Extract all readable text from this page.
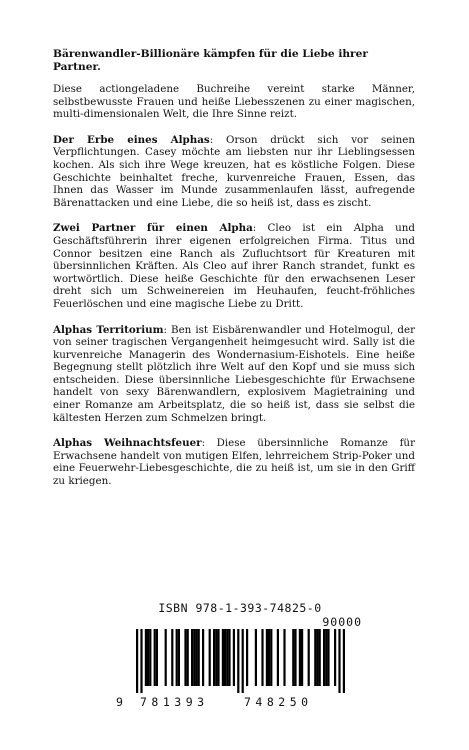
Bärenwandler-Billionäre kämpfen für die Liebe ihrer Partner.

Diese actiongeladene Buchreihe vereint starke Männer, selbstbewusste Frauen und heiße Liebesszenen zu einer magischen, multi-dimensionalen Welt, die Ihre Sinne reizt.

Der Erbe eines Alphas: Orson drückt sich vor seinen Verpflichtungen. Casey möchte am liebsten nur ihr Lieblingsessen kochen. Als sich ihre Wege kreuzen, hat es köstliche Folgen. Diese Geschichte beinhaltet freche, kurvenreiche Frauen, Essen, das Ihnen das Wasser im Munde zusammenlaufen lässt, aufregende Bärenattacken und eine Liebe, die so heiß ist, dass es zischt.

Zwei Partner für einen Alpha: Cleo ist ein Alpha und Geschäftsführerin ihrer eigenen erfolgreichen Firma. Titus und Connor besitzen eine Ranch als Zufluchtsort für Kreaturen mit übersinnlichen Kräften. Als Cleo auf ihrer Ranch strandet, funkt es wortwörtlich. Diese heiße Geschichte für den erwachsenen Leser dreht sich um Schweinereien im Heuhaufen, feucht-fröhliches Feuerlöschen und eine magische Liebe zu Dritt.

Alphas Territorium: Ben ist Eisbärenwandler und Hotelmogul, der von seiner tragischen Vergangenheit heimgesucht wird. Sally ist die kurvenreiche Managerin des Wondernasium-Eishotels. Eine heiße Begegnung stellt plötzlich ihre Welt auf den Kopf und sie muss sich entscheiden. Diese übersinnliche Liebesgeschichte für Erwachsene handelt von sexy Bärenwandlern, explosivem Magietraining und einer Romanze am Arbeitsplatz, die so heiß ist, dass sie selbst die kältesten Herzen zum Schmelzen bringt.

Alphas Weihnachtsfeuer: Diese übersinnliche Romanze für Erwachsene handelt von mutigen Elfen, lehrreichem Strip-Poker und eine Feuerwehr-Liebesgeschichte, die zu heiß ist, um sie in den Griff zu kriegen.

ISBN 978-1-393-74825-0
90000
9 781393	748250
